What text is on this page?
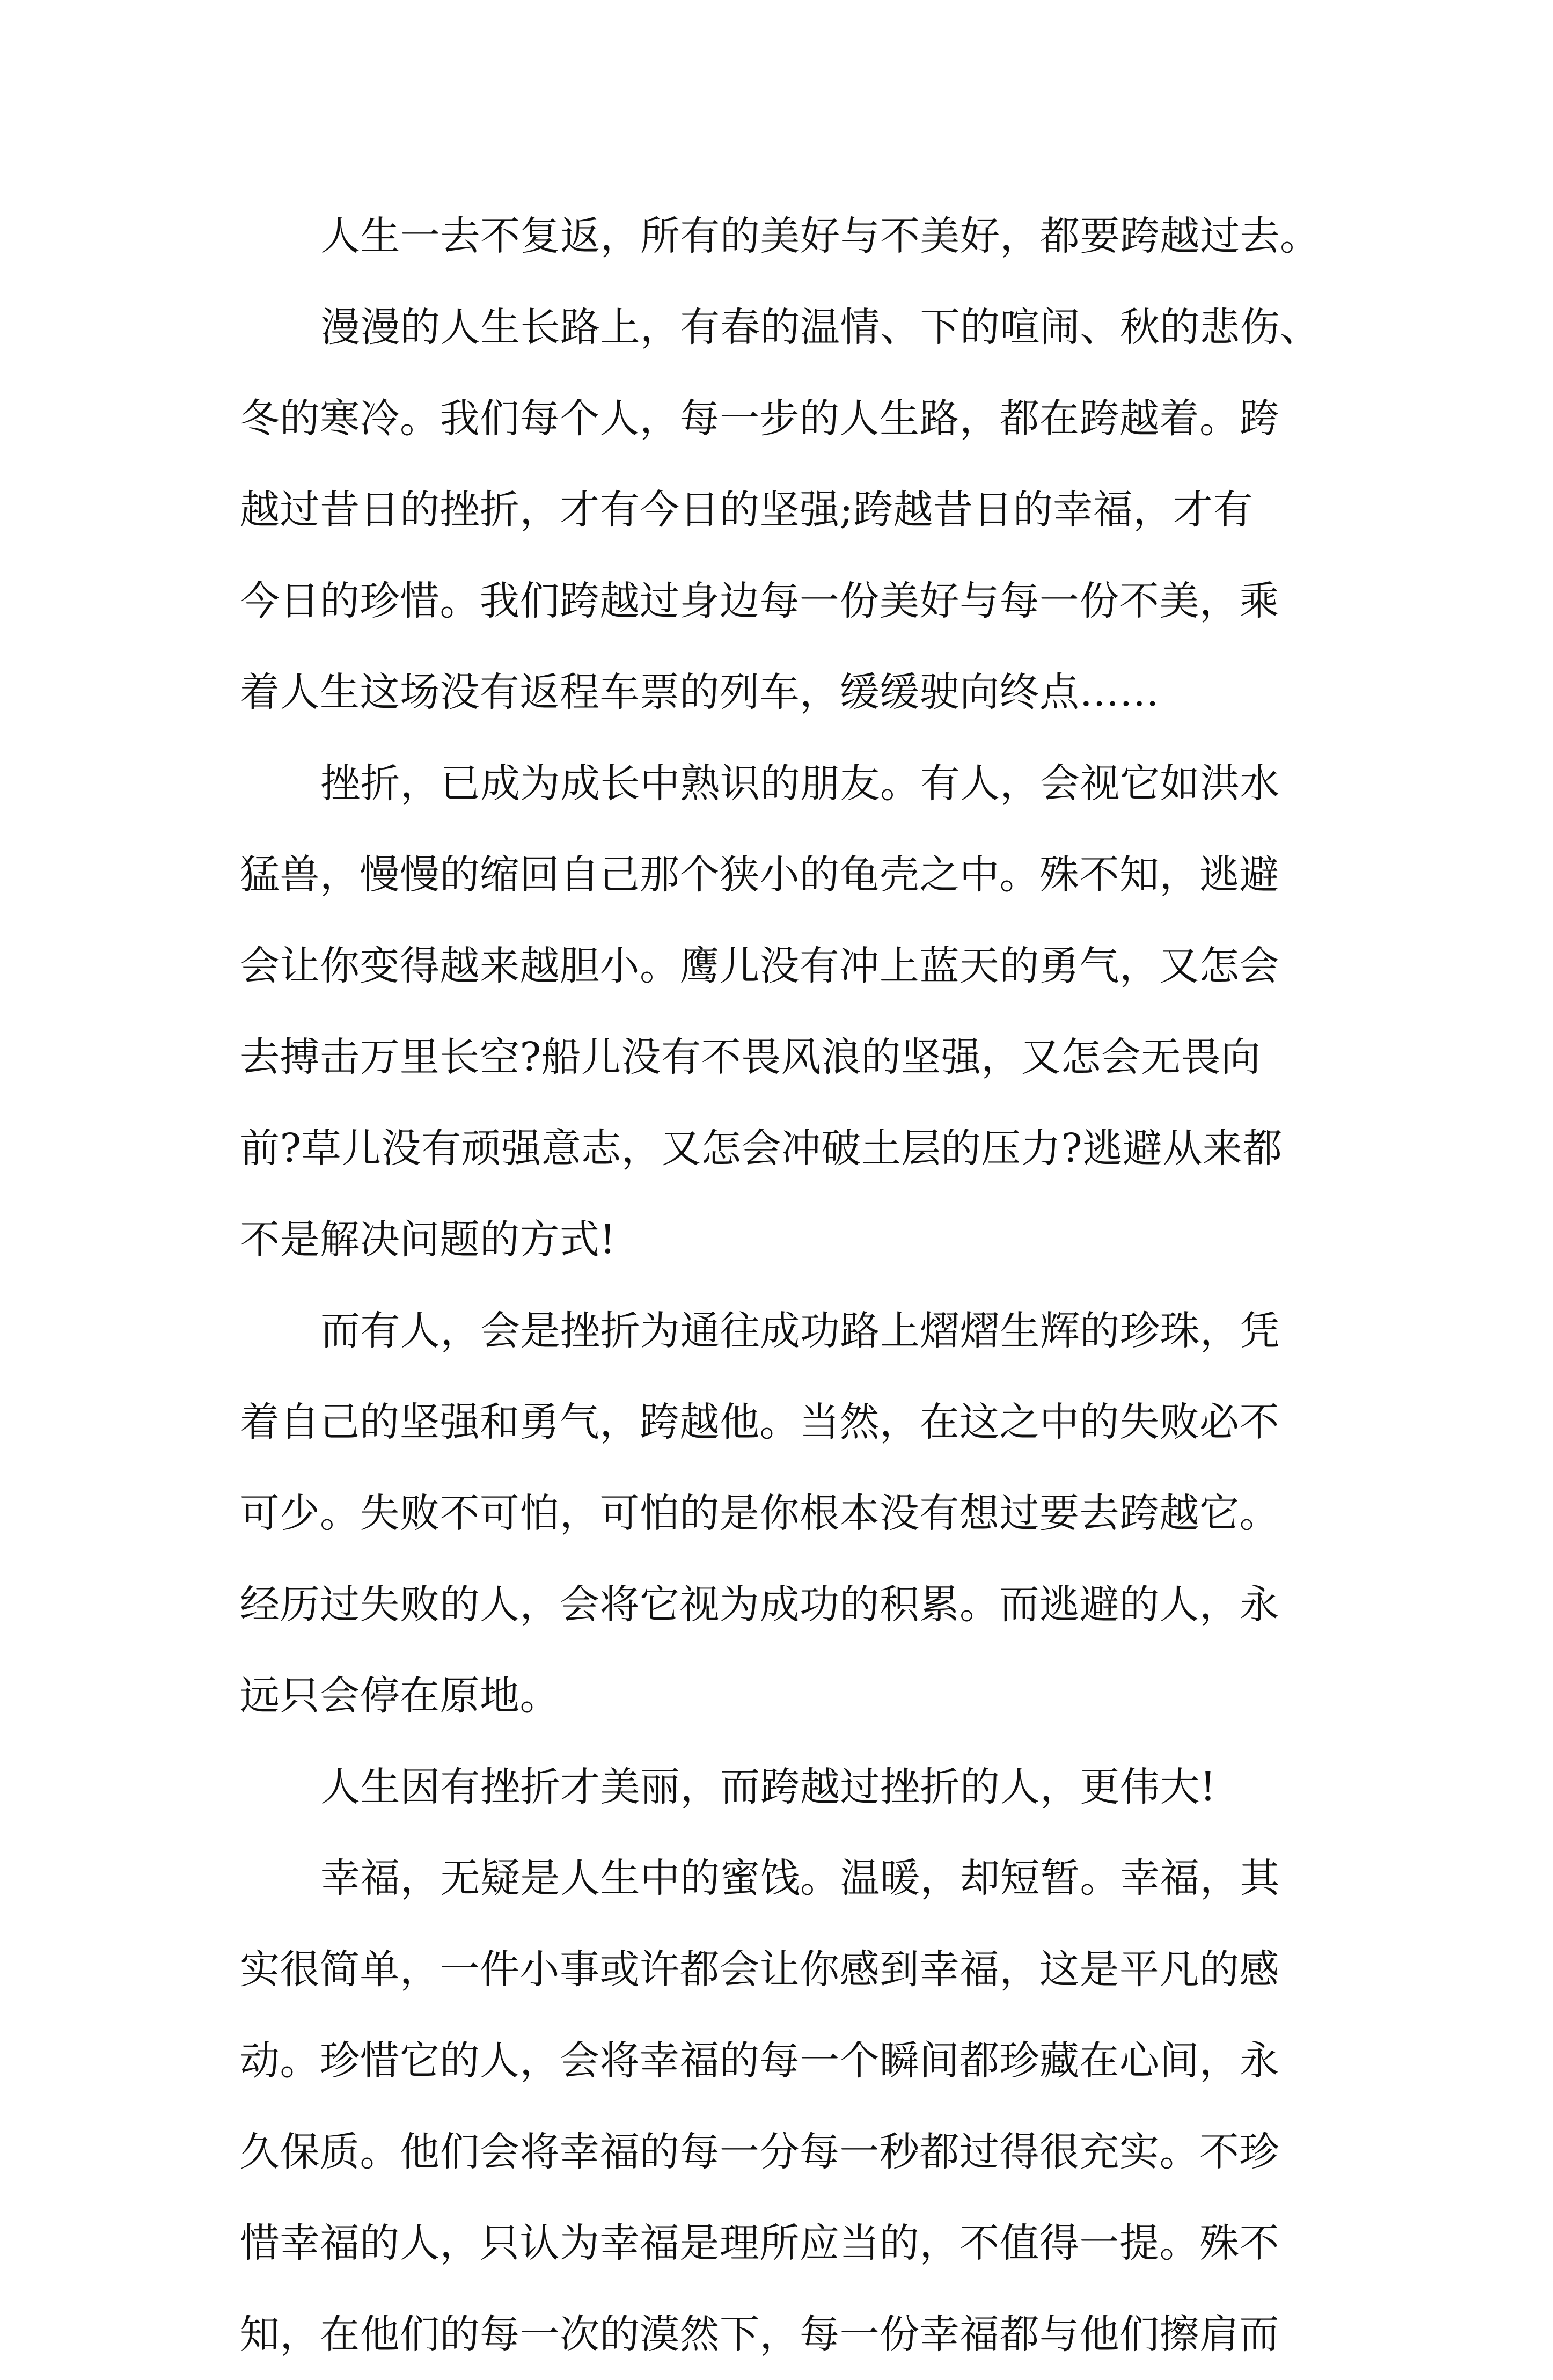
人生一去不复返，所有的美好与不美好，都要跨越过去。
漫漫的人生长路上，有春的温情、下的喧闹、秋的悲伤、
冬的寒冷。我们每个人，每一步的人生路，都在跨越着。跨
越过昔日的挫折，才有今日的坚强;跨越昔日的幸福，才有
今日的珍惜。我们跨越过身边每一份美好与每一份不美，乘
着人生这场没有返程车票的列车，缓缓驶向终点……
挫折，已成为成长中熟识的朋友。有人，会视它如洪水
猛兽，慢慢的缩回自己那个狭小的龟壳之中。殊不知，逃避
会让你变得越来越胆小。鹰儿没有冲上蓝天的勇气，又怎会
去搏击万里长空?船儿没有不畏风浪的坚强，又怎会无畏向
前?草儿没有顽强意志，又怎会冲破土层的压力?逃避从来都
不是解决问题的方式!
而有人，会是挫折为通往成功路上熠熠生辉的珍珠，凭
着自己的坚强和勇气，跨越他。当然，在这之中的失败必不
可少。失败不可怕，可怕的是你根本没有想过要去跨越它。
经历过失败的人，会将它视为成功的积累。而逃避的人，永
远只会停在原地。
人生因有挫折才美丽，而跨越过挫折的人，更伟大!
幸福，无疑是人生中的蜜饯。温暖，却短暂。幸福，其
实很简单，一件小事或许都会让你感到幸福，这是平凡的感
动。珍惜它的人，会将幸福的每一个瞬间都珍藏在心间，永
久保质。他们会将幸福的每一分每一秒都过得很充实。不珍
惜幸福的人，只认为幸福是理所应当的，不值得一提。殊不
知，在他们的每一次的漠然下，每一份幸福都与他们擦肩而
